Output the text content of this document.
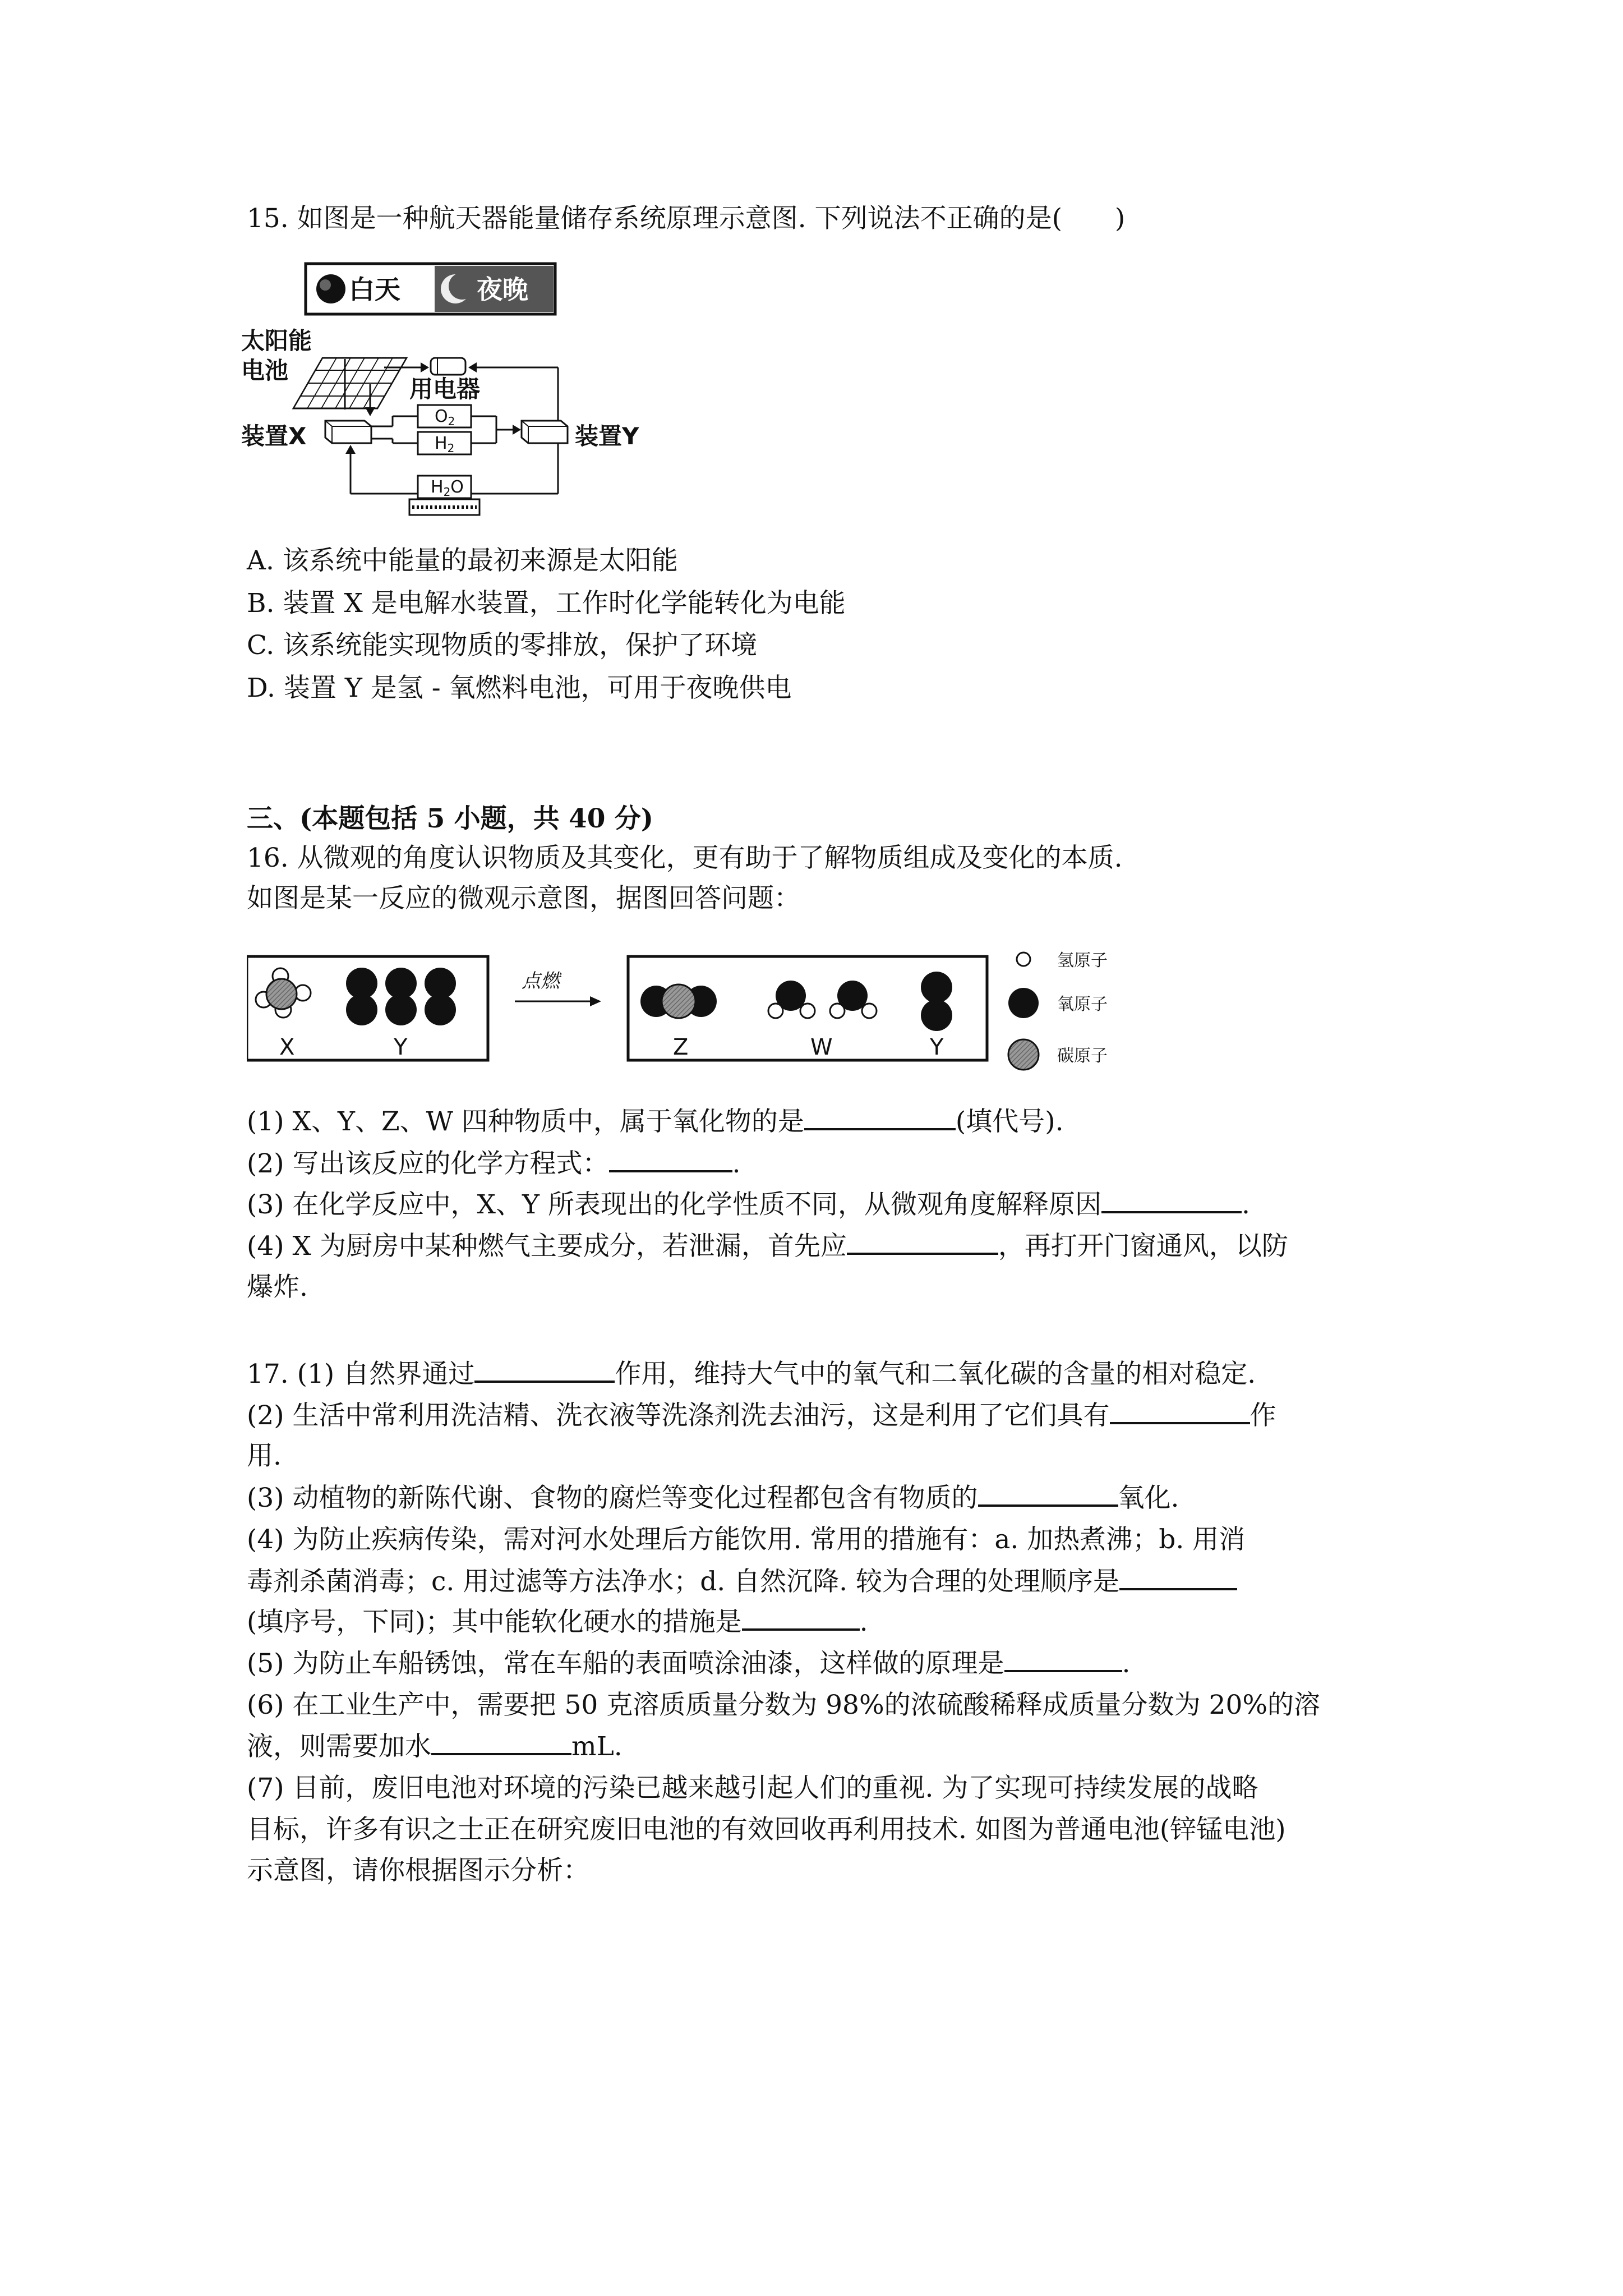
15. 如图是一种航天器能量储存系统原理示意图. 下列说法不正确的是(　　)
白天	夜晚
太阳能
电池
用电器
装置X	装置Y
$O_2$
$H_2$
$H_2O$
A. 该系统中能量的最初来源是太阳能
B. 装置 X 是电解水装置，工作时化学能转化为电能
C. 该系统能实现物质的零排放，保护了环境
D. 装置 Y 是氢 - 氧燃料电池，可用于夜晚供电
三、(本题包括 5 小题，共 40 分)
16. 从微观的角度认识物质及其变化，更有助于了解物质组成及变化的本质.
如图是某一反应的微观示意图，据图回答问题：
X	Y
点燃
Z	W	Y
氢原子
氧原子
碳原子
(1) X、Y、Z、W 四种物质中，属于氧化物的是	(填代号).
(2) 写出该反应的化学方程式：	.
(3) 在化学反应中，X、Y 所表现出的化学性质不同，从微观角度解释原因	.
(4) X 为厨房中某种燃气主要成分，若泄漏，首先应	，再打开门窗通风，以防
爆炸.
17. (1) 自然界通过	作用，维持大气中的氧气和二氧化碳的含量的相对稳定.
(2) 生活中常利用洗洁精、洗衣液等洗涤剂洗去油污，这是利用了它们具有	作
用.
(3) 动植物的新陈代谢、食物的腐烂等变化过程都包含有物质的	氧化.
(4) 为防止疾病传染，需对河水处理后方能饮用. 常用的措施有：a. 加热煮沸；b. 用消
毒剂杀菌消毒；c. 用过滤等方法净水；d. 自然沉降. 较为合理的处理顺序是
(填序号，下同)；其中能软化硬水的措施是	.
(5) 为防止车船锈蚀，常在车船的表面喷涂油漆，这样做的原理是	.
(6) 在工业生产中，需要把 50 克溶质质量分数为 98%的浓硫酸稀释成质量分数为 20%的溶
液，则需要加水	mL.
(7) 目前，废旧电池对环境的污染已越来越引起人们的重视. 为了实现可持续发展的战略
目标，许多有识之士正在研究废旧电池的有效回收再利用技术. 如图为普通电池(锌锰电池)
示意图，请你根据图示分析：
